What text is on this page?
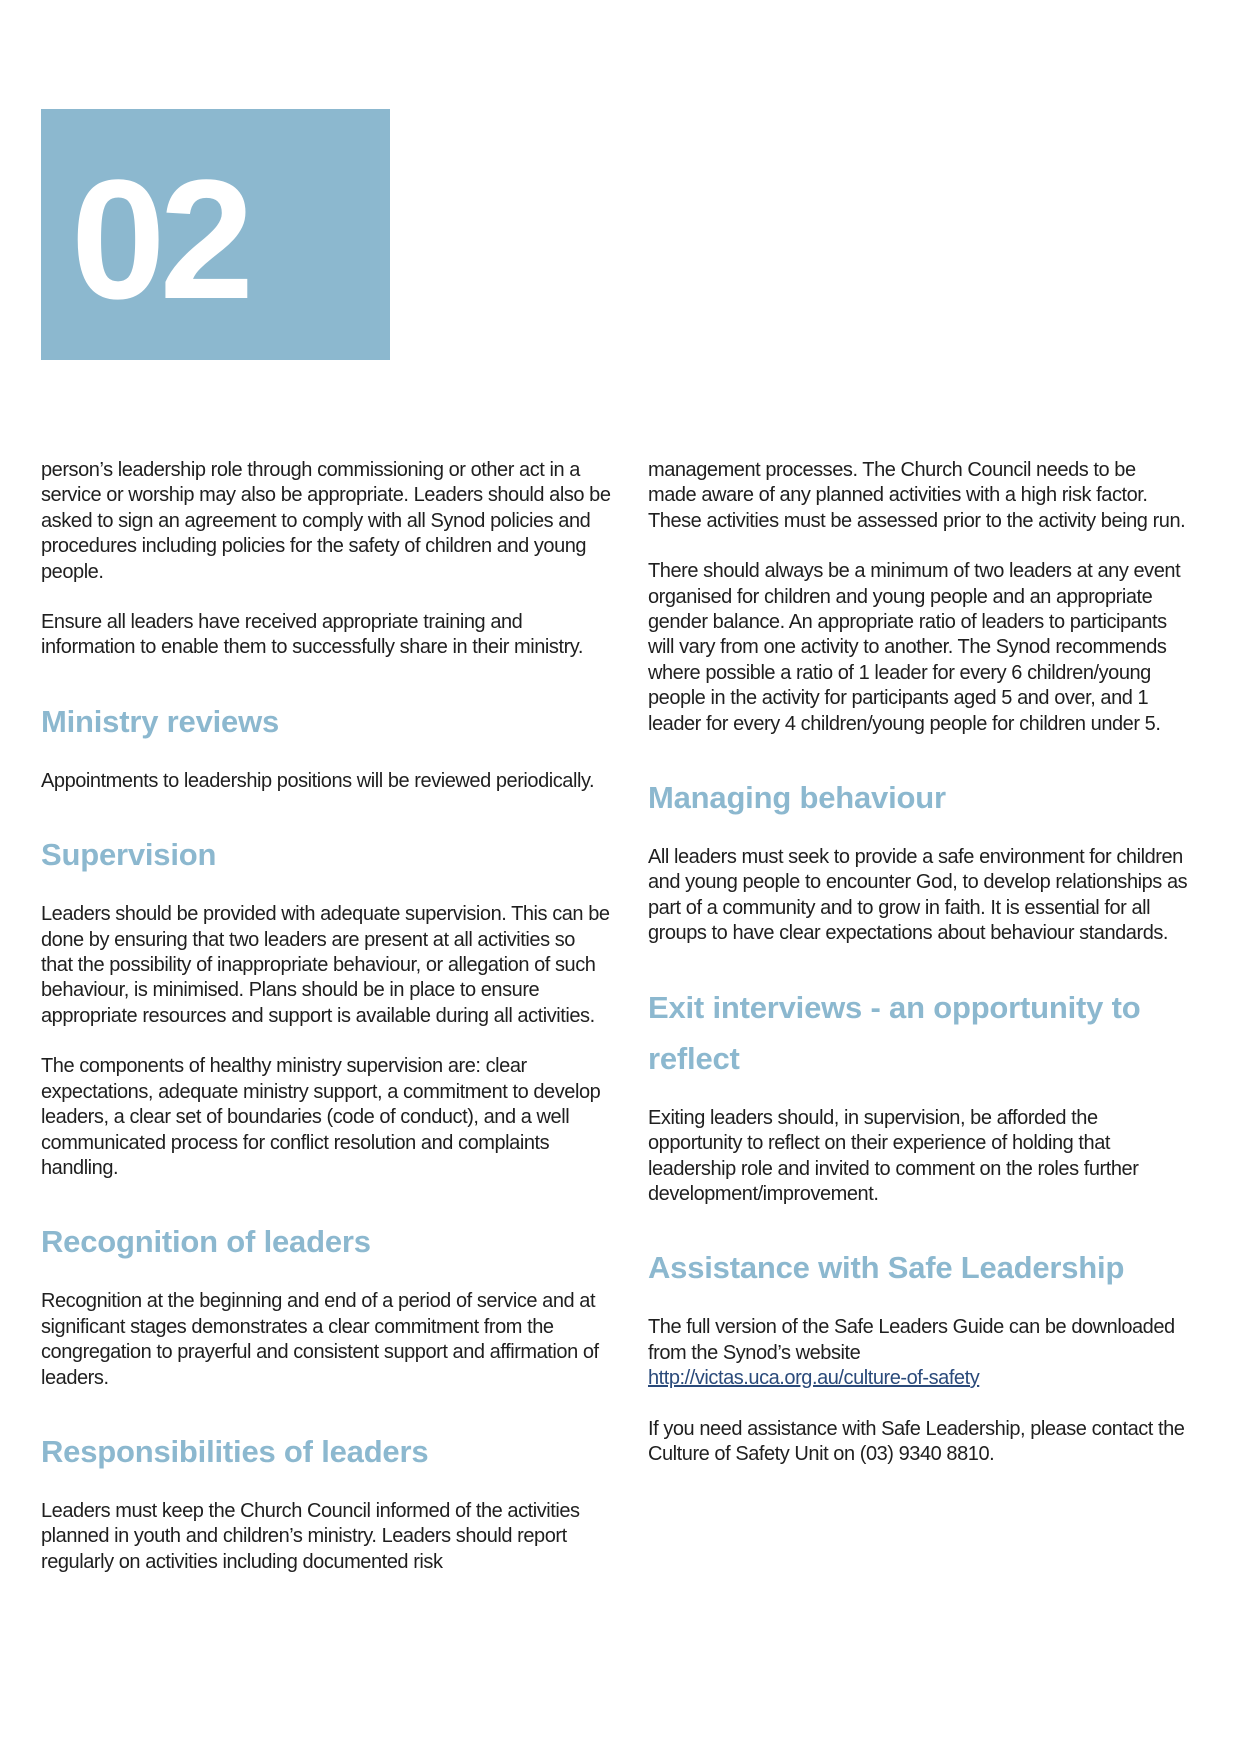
02

person’s leadership role through commissioning or other act in a service or worship may also be appropriate. Leaders should also be asked to sign an agreement to comply with all Synod policies and procedures including policies for the safety of children and young people.

Ensure all leaders have received appropriate training and information to enable them to successfully share in their ministry.

Ministry reviews

Appointments to leadership positions will be reviewed periodically.

Supervision

Leaders should be provided with adequate supervision. This can be done by ensuring that two leaders are present at all activities so that the possibility of inappropriate behaviour, or allegation of such behaviour, is minimised. Plans should be in place to ensure appropriate resources and support is available during all activities.

The components of healthy ministry supervision are: clear expectations, adequate ministry support, a commitment to develop leaders, a clear set of boundaries (code of conduct), and a well communicated process for conflict resolution and complaints handling.

Recognition of leaders

Recognition at the beginning and end of a period of service and at significant stages demonstrates a clear commitment from the congregation to prayerful and consistent support and affirmation of leaders.

Responsibilities of leaders

Leaders must keep the Church Council informed of the activities planned in youth and children’s ministry. Leaders should report regularly on activities including documented risk

management processes. The Church Council needs to be made aware of any planned activities with a high risk factor. These activities must be assessed prior to the activity being run.

There should always be a minimum of two leaders at any event organised for children and young people and an appropriate gender balance. An appropriate ratio of leaders to participants will vary from one activity to another. The Synod recommends where possible a ratio of 1 leader for every 6 children/young people in the activity for participants aged 5 and over, and 1 leader for every 4 children/young people for children under 5.

Managing behaviour

All leaders must seek to provide a safe environment for children and young people to encounter God, to develop relationships as part of a community and to grow in faith. It is essential for all groups to have clear expectations about behaviour standards.

Exit interviews - an opportunity to reflect

Exiting leaders should, in supervision, be afforded the opportunity to reflect on their experience of holding that leadership role and invited to comment on the roles further development/improvement.

Assistance with Safe Leadership

The full version of the Safe Leaders Guide can be downloaded from the Synod’s website
http://victas.uca.org.au/culture-of-safety

If you need assistance with Safe Leadership, please contact the Culture of Safety Unit on (03) 9340 8810.
